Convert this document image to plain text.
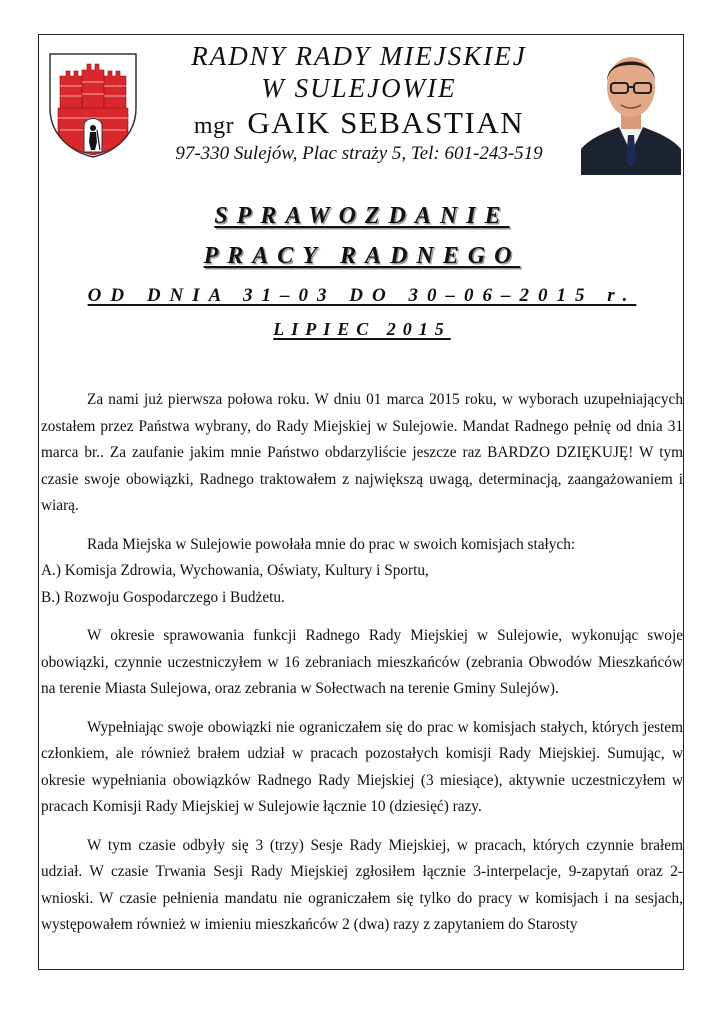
RADNY RADY MIEJSKIEJ
W SULEJOWIE
mgr GAIK SEBASTIAN
97-330 Sulejów, Plac straży 5, Tel: 601-243-519
SPRAWOZDANIE
PRACY RADNEGO
OD DNIA 31–03 DO 30–06–2015 r.
LIPIEC 2015

Za nami już pierwsza połowa roku. W dniu 01 marca 2015 roku, w wyborach uzupełniających zostałem przez Państwa wybrany, do Rady Miejskiej w Sulejowie. Mandat Radnego pełnię od dnia 31 marca br.. Za zaufanie jakim mnie Państwo obdarzyliście jeszcze raz BARDZO DZIĘKUJĘ! W tym czasie swoje obowiązki, Radnego traktowałem z największą uwagą, determinacją, zaangażowaniem i wiarą.

Rada Miejska w Sulejowie powołała mnie do prac w swoich komisjach stałych:

A.) Komisja Zdrowia, Wychowania, Oświaty, Kultury i Sportu,

B.) Rozwoju Gospodarczego i Budżetu.

W okresie sprawowania funkcji Radnego Rady Miejskiej w Sulejowie, wykonując swoje obowiązki, czynnie uczestniczyłem w 16 zebraniach mieszkańców (zebrania Obwodów Mieszkańców na terenie Miasta Sulejowa, oraz zebrania w Sołectwach na terenie Gminy Sulejów).

Wypełniając swoje obowiązki nie ograniczałem się do prac w komisjach stałych, których jestem członkiem, ale również brałem udział w pracach pozostałych komisji Rady Miejskiej. Sumując, w okresie wypełniania obowiązków Radnego Rady Miejskiej (3 miesiące), aktywnie uczestniczyłem w pracach Komisji Rady Miejskiej w Sulejowie łącznie 10 (dziesięć) razy.

W tym czasie odbyły się 3 (trzy) Sesje Rady Miejskiej, w pracach, których czynnie brałem udział. W czasie Trwania Sesji Rady Miejskiej zgłosiłem łącznie 3-interpelacje, 9-zapytań oraz 2-wnioski. W czasie pełnienia mandatu nie ograniczałem się tylko do pracy w komisjach i na sesjach, występowałem również w imieniu mieszkańców 2 (dwa) razy z zapytaniem do Starosty
